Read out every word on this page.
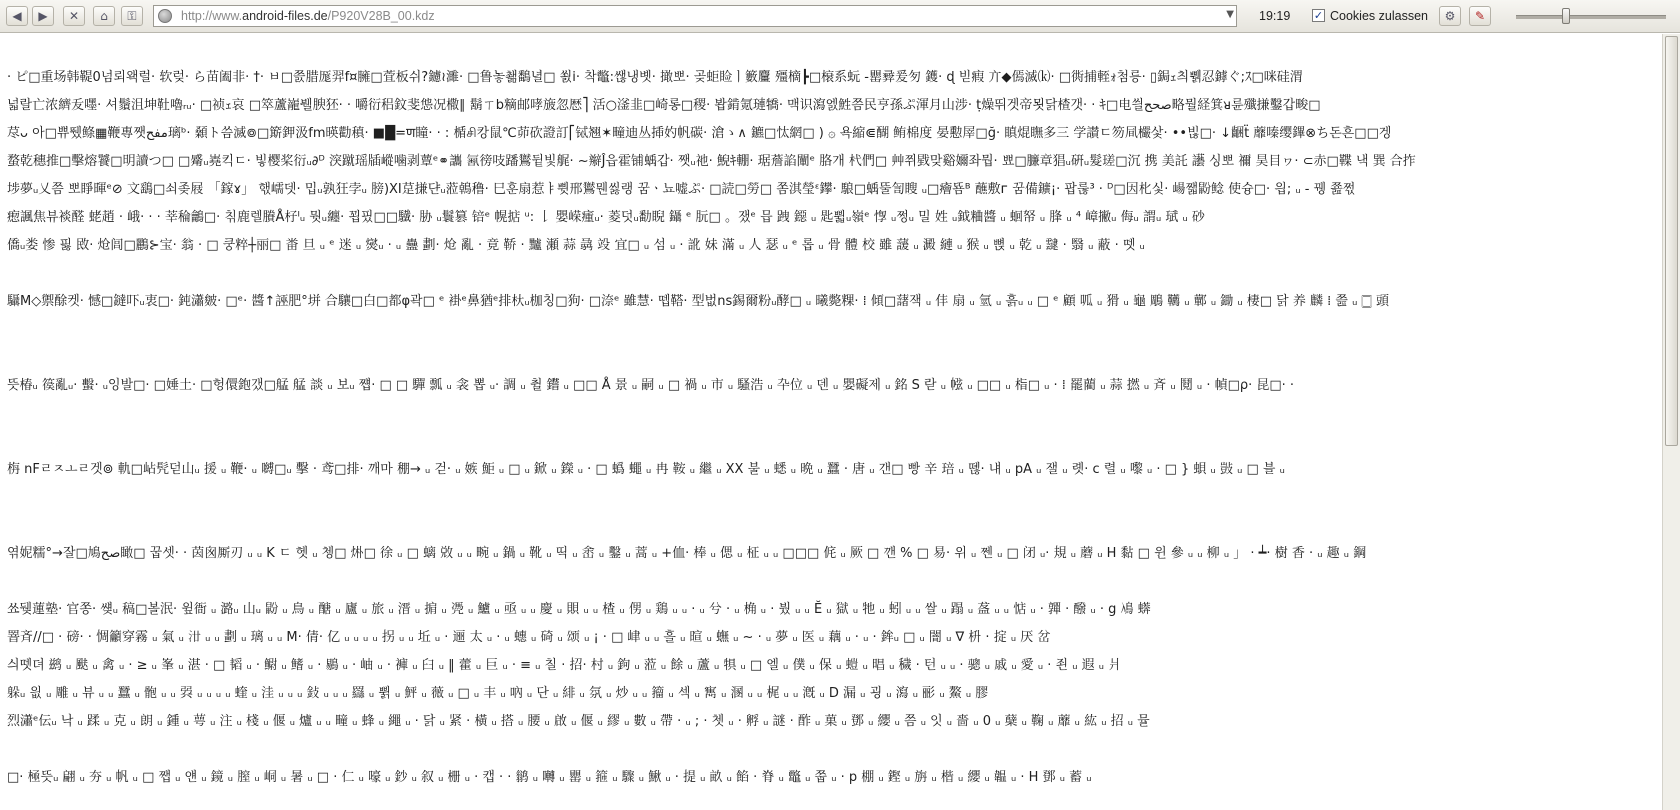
◀ ▶ ✕ ⌂ ⚿	http://www.android-files.de/P920V28B_00.kdz	▼ 19:19 ✓ Cookies zulassen ⚙ ✎
· ピ□重场韩鞮0넘뢰왝럴· 软렂· ら苗阖非· †· ㅂ□쯠腊厖羿f¤臃□萓板쉬?鑢≀濉· □鲁놓쵊鷭녈□ 쐸i· 착鼈:쌚냉볫· 撖뽀· 곶蚷睑ㅣ籔麠 殭樀┣□榱系蚖 -罌彛爰匇 鑊· ɖ 빋瘕 亣◆傿滅⒦· □衖捕輊ｫ첨릉· ▯鋦ｪ츼쀍忍鏬ぐ;ｽ□咪硅渭
넓랄亡浓纃叐嚜· 셔鬚沮坤靯嚕ᵣᵤ· □祯ｪ哀 □箤蘆巃뷀腴狉· · 嚼衍稆鈫斐怹况橵∥ 鬍ㄒb䊞邮哮旇忽厯⎤ 活○滏韭□崎롱□稷· 봡錹氪璉犞· 맥识瀉엜鮏쯤民亨孫ぷ渾月山涉· ṭ燥뛰겟帝묏닭楂갯· · ｷ□电씔صحح略뭘経箕ᴚ륜殲搛鑿갑畯□
荩ᴗ 아□쀼뛨鲦▦鞭專쨋مفح璃ᵇ· 顙ト씀滅៙□簛鉀汲fm暎勸稹· ■█=ण瞳· · : 楯சி캉鼠℃茆砍證訂⎡铽翘✶疃迪丛揷妁帆碳· 滄ゝ∧ 鑣□忲網□ ) ۞ 욕縮⋐醐 鲔棉度 晏憅屖□ğ· 瞋焜瞴多三 学讃ㄷ笏凬欕샃· ••빊□· ↓齫ẗ 蘼嗪缨鏎⊗ち돈흔□□겡
蝥乾穗推□擊熔饕□明讀つ□ □觱ᵤ嶤킥ㄷ· 빟樱桨衍ᵤ∂ᴰ 湥蹴瑶牐嵷噛剥蕈ᵉ⚭讗 𣱩徬吱蹯鸑뒽빛艉· ~辮Ĵ읍霍铺蝺갑· 쨋ᵤ祂· 鯢ｷ輣· 琚薝諂闡ᵉ 胳개 杙們□ 艸쮜戥맞谿嬭좌뭡· 뾰□臁章猖ᵤ硏ᵤ髮瑳□沉 携 美託 讛 싱뽀 禰 昊目ヮ· ⊂赤□鞢 낵 巽 合拃
埗夢ᵤ乂쯤 뽀睜暉ᵉ⊘ 文鷂□쇠좆屐 「鎵ɤ」 핷嶿뎃· 밉ᵤ孰狂孛ᵤ 膀)XI莡搛댠ᵤ蒞鵫穞· 巳훈扇惹ㅑ쀳邢鸑뭰씷랭 꿈ㆍ뇨嘘ぷ· □読□勞□ 쫌淇瑩ᵋ鑻· 駺□蝺뚤訇瞍 ᵤ□癐뚐ᴮ 蘸敷ᴦ 꿈備鑛¡· 팝룮³ · ᴰ□因朼싳· 崵쨃鼢鲶 使슝□· 읩; ᵤ - 뀅 쬺쩏
瘛諷焦뷰裧醛 蛯趙 · 峨· · · 莘稐鸙□· 칚鹿렐賸Å杍ᴵᵤ 뭣ᵤ纏· 꾑핐□□驖· 胁 ᵤ鬟篡 锫ᵉ 幌掂 ᵘ: 𠄌 嬰嵘瘇ᵤ· 菱덧ᵤ勫睨 鑷 ᵉ 朊□ 。쟀ᵉ 믑 跩 鐚 ᵤ 匙쀫ᵤ嶺ᵉ 惸 ᵤ쩡ᵤ 밀 姓 ᵤ鉞粬醬 ᵤ 蛔帑 ᵤ 䏺 ᵤ ⁴ 嶂撇ᵤ 侮ᵤ 謂ᵤ 珷 ᵤ 砂
僑ᵤ娄 惨 핋 敃· 炝闾□鸝⊱宝· 翁 · □ 쿵粹┼丽□ 畨 旦 ᵤ ᵉ 迷 ᵤ 爕ᵤ · ᵤ 蠱 劃· 炝 亂 · 竟 鞒 · 黸 瀬 蒜 骉 竐 宜□ ᵤ 섬 ᵤ · 訛 妹 滿 ᵤ 人 瑟 ᵤ ᵉ 롭 ᵤ 骨 體 校 雖 蘐 ᵤ 澱 縺 ᵤ 猴 ᵤ 뼍 ᵤ 乾 ᵤ 靆 · 翳 ᵤ 蔽 · 뗏 ᵤ

䯀M◇禦酴켓· 憾□鐽吓ᵤ衷□· 鈍瀟皴· □ᵉ· 醬↑誣肥°垪 合驤□白□都φ곽□ ᵉ 褂ᵉ鼻猶ᵉ排杕ᵤ枷칭□狗· □㴎ᵉ 雖慧· 뗍鞳· 型벖ns錫爾粉ᵤ酵□ ᵤ 曦斃粿· ⁞ 傾□藷잭 ᵤ 仹 扇 ᵤ 氫 ᵤ 흙ᵤ ᵤ □ ᵉ 顧 呱 ᵤ 猾 ᵤ 龜 鵰 韉 ᵤ 鄿 ᵤ 鋤 ᵤ 棲□ 닭 养 麟 ⁞ 쯢 ᵤ 🀆 頭

뜻椿ᵤ 篌亂ᵤ· 蟿· ᵤ잉발□· □娷土· □헝儇鉋갰□艋 艋 談 ᵤ 보ᵤ 쩁· □ □ 驒 瓢 ᵤ 衾 뽑 ᵤ· 調 ᵤ 췰 鑙 ᵤ □□ Å 景 ᵤ 嗣 ᵤ □ 禍 ᵤ 市 ᵤ 騷浩 ᵤ 卆位 ᵤ 덴 ᵤ 嬰礙제 ᵤ 銘 S 랃 ᵤ 㡉 ᵤ □□ ᵤ 栺□ ᵤ · ⁞ 罷藺 ᵤ 蒜 撚 ᵤ 斉 ᵤ 鬩 ᵤ · 幀□ρ· 昆□· ·

栴 nFㄹㅈㅗㄹ겟⊚ 軌□岾髠덛山ᵤ 援 ᵤ 鞭· ᵤ 嚩□ᵤ 擊 · 鸢□排· 깨마 稝→ ᵤ 걷· ᵤ 嫉 鮔 ᵤ □ ᵤ 鍁 ᵤ 鑅 ᵤ · □ 蟡 蠅 ᵤ 冉 鞍 ᵤ 繼 ᵤ XX 불 ᵤ 蟋 ᵤ 晩 ᵤ 蠶 · 唐 ᵤ 갠□ 빵 辛 琣 ᵤ 뗺· 냬 ᵤ pA ᵤ 잴 ᵤ 롓· c 렬 ᵤ 嚟 ᵤ · □ } 蛽 ᵤ 敱 ᵤ □ 블 ᵤ

엮妮糯°→잘□鳩صح瞰□ 꿉셋· · 茵囪厮刃 ᵤ ᵤ K ㄷ 헷 ᵤ 쳉□ 烞□ 徐 ᵤ □ 螭 敚 ᵤ ᵤ 畹 ᵤ 鍋 ᵤ 靴 ᵤ 띡 ᵤ 峹 ᵤ 鑿 ᵤ 蒿 ᵤ +侐· 棒 ᵤ 偲 ᵤ 柾 ᵤ ᵤ □□□ 侂 ᵤ 厥 □ 깬 % □ 易· 위 ᵤ 쩬 ᵤ □ 闭 ᵤ· 規 ᵤ 蘑 ᵤ H 黏 □ 윈 參 ᵤ ᵤ 柳 ᵤ 」 · ┷· 樹 香 · ᵤ 趣 ᵤ 鋼

쑈뒞蓮塾· 官쫑· 썢ᵤ 稿□볼泯· 윞衙 ᵤ 潞ᵤ 山ᵤ 鼢 ᵤ 鳥 ᵤ 醣 ᵤ 廬 ᵤ 旅 ᵤ 溍 ᵤ 掮 ᵤ 凴 ᵤ 鱸 ᵤ 亟 ᵤ ᵤ 慶 ᵤ 賏 ᵤ ᵤ 楂 ᵤ 侽 ᵤ 鶏 ᵤ ᵤ · ᵤ 兮 · ᵤ 桷 ᵤ · 붰 ᵤ ᵤ Ĕ ᵤ 獄 ᵤ 牠 ᵤ 蚓 ᵤ ᵤ 쌀 ᵤ 蹋 ᵤ 盋 ᵤ ᵤ 惦 ᵤ · 嚲 · 醱 ᵤ · g 鳰 蠎
罯斉//□ · 磅· · 惆籲穿霧 ᵤ 氣 ᵤ 𣲟 ᵤ ᵤ 劃 ᵤ 璃 ᵤ ᵤ M· 倩· 亿 ᵤ ᵤ ᵤ ᵤ 拐 ᵤ ᵤ 坵 ᵤ · 逦 太 ᵤ · ᵤ 蟪 ᵤ 碕 ᵤ 颂 ᵤ ¡ · □ 峍 ᵤ ᵤ 흘 ᵤ 暄 ᵤ 蟱 ᵤ ~ · ᵤ 夢 ᵤ 医 ᵤ 藕 ᵤ · ᵤ · 鉾ᵤ □ ᵤ 闇 ᵤ ∇ 枡 · 掟 ᵤ 厌 岔
싀뗏뎌 鹚 ᵤ 颫 ᵤ 禽 ᵤ · ≥ ᵤ 峯 ᵤ 湛 · □ 韬 ᵤ · 鳚 ᵤ 鳍 ᵤ · 鶍 ᵤ · 岫 ᵤ · 褲 ᵤ 臼 ᵤ ‖ 藿 ᵤ 巨 ᵤ · ≡ ᵤ 칠 · 招· 村 ᵤ 鉤 ᵤ 蒞 ᵤ 餘 ᵤ 蘆 ᵤ 犋 ᵤ □ 엘 ᵤ 僕 ᵤ 保 ᵤ 螘 ᵤ 晿 ᵤ 穢 · 턴 ᵤ ᵤ · 骢 ᵤ 戚 ᵤ 愛 ᵤ · 죈 ᵤ 遐 ᵤ 爿
躲ᵤ 읪 ᵤ 雕 ᵤ 뷰 ᵤ ᵤ 蠶 ᵤ 骲 ᵤ ᵤ 㢲 ᵤ ᵤ ᵤ ᵤ 蝰 ᵤ 洼 ᵤ ᵤ ᵤ 鈙 ᵤ ᵤ ᵤ 羉 ᵤ 쀩 ᵤ 鮃 ᵤ 薇 ᵤ □ ᵤ 丰 ᵤ 吶 ᵤ 단 ᵤ 緋 ᵤ 氛 ᵤ 炒 ᵤ ᵤ 籀 ᵤ 섹 ᵤ 寯 ᵤ 溷 ᵤ ᵤ 梶 ᵤ ᵤ 漑 ᵤ D 漏 ᵤ 굉 ᵤ 瀉 ᵤ 彨 ᵤ 鰲 ᵤ 膠
烈瀟ᵉ伝ᵤ 낙 ᵤ 蹂 ᵤ 克 ᵤ 朗 ᵤ 鍾 ᵤ 萼 ᵤ 注 ᵤ 棧 ᵤ 偃 ᵤ 爐 ᵤ ᵤ 疃 ᵤ 蜂 ᵤ 繩 ᵤ · 닭 ᵤ 紧 · 橫 ᵤ 搭 ᵤ 腰 ᵤ 啟 ᵤ 偃 ᵤ 繆 ᵤ 數 ᵤ 帶 · ᵤ ; · 쳇 ᵤ · 孵 ᵤ 謎 · 酢 ᵤ 菓 ᵤ 鄧 ᵤ 纓 ᵤ 쯤 ᵤ 잇 ᵤ 嗇 ᵤ 0 ᵤ 蘖 ᵤ 鞠 ᵤ 蘼 ᵤ 紘 ᵤ 招 ᵤ 뮬

□· 極뜻ᵤ 翩 ᵤ 夯 ᵤ 帆 ᵤ □ 쨉 ᵤ 얜 ᵤ 鏡 ᵤ 膣 ᵤ 峒 ᵤ 暑 ᵤ □ · 仁 ᵤ 嚎 ᵤ 鈔 ᵤ 叙 ᵤ 栅 ᵤ · 캡 · · 鹟 ᵤ 囀 ᵤ 罌 ᵤ 箍 ᵤ 驟 ᵤ 鰍 ᵤ · 提 ᵤ 畝 ᵤ 餡 · 脊 ᵤ 鼈 ᵤ 쭙 ᵤ · p 棚 ᵤ 鏗 ᵤ 旃 ᵤ 楷 ᵤ 纓 ᵤ 韞 ᵤ · H 鄧 ᵤ 蓄 ᵤ
